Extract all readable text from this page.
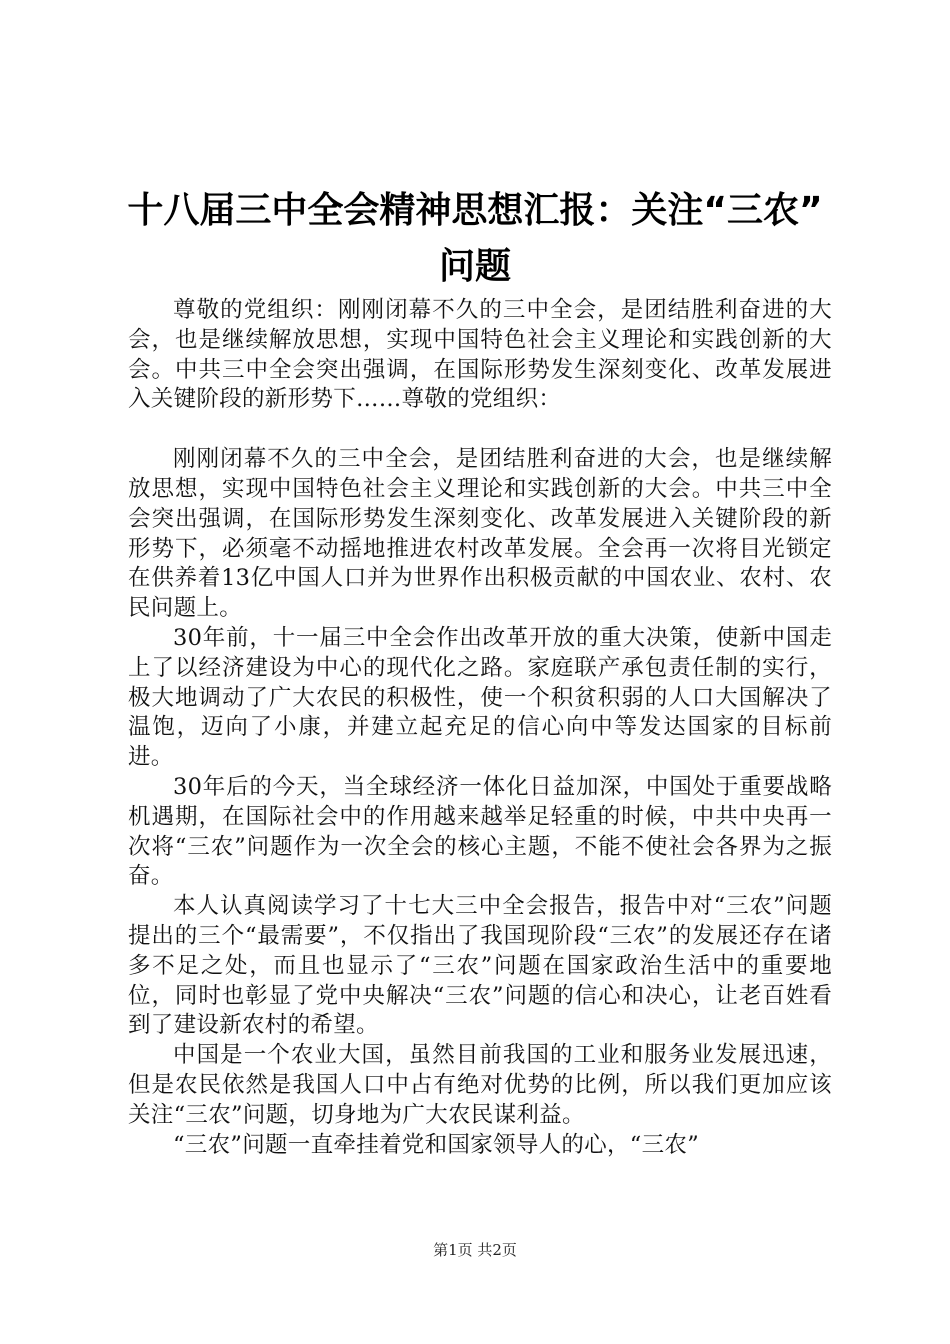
十八届三中全会精神思想汇报：关注“三农”
问题

尊敬的党组织：刚刚闭幕不久的三中全会，是团结胜利奋进的大会，也是继续解放思想，实现中国特色社会主义理论和实践创新的大会。中共三中全会突出强调，在国际形势发生深刻变化、改革发展进入关键阶段的新形势下……尊敬的党组织：

刚刚闭幕不久的三中全会，是团结胜利奋进的大会，也是继续解放思想，实现中国特色社会主义理论和实践创新的大会。中共三中全会突出强调，在国际形势发生深刻变化、改革发展进入关键阶段的新形势下，必须毫不动摇地推进农村改革发展。全会再一次将目光锁定在供养着13亿中国人口并为世界作出积极贡献的中国农业、农村、农民问题上。

30年前，十一届三中全会作出改革开放的重大决策，使新中国走上了以经济建设为中心的现代化之路。家庭联产承包责任制的实行，极大地调动了广大农民的积极性，使一个积贫积弱的人口大国解决了温饱，迈向了小康，并建立起充足的信心向中等发达国家的目标前进。

30年后的今天，当全球经济一体化日益加深，中国处于重要战略机遇期，在国际社会中的作用越来越举足轻重的时候，中共中央再一次将“三农”问题作为一次全会的核心主题，不能不使社会各界为之振奋。

本人认真阅读学习了十七大三中全会报告，报告中对“三农”问题提出的三个“最需要”，不仅指出了我国现阶段“三农”的发展还存在诸多不足之处，而且也显示了“三农”问题在国家政治生活中的重要地位，同时也彰显了党中央解决“三农”问题的信心和决心，让老百姓看到了建设新农村的希望。

中国是一个农业大国，虽然目前我国的工业和服务业发展迅速，但是农民依然是我国人口中占有绝对优势的比例，所以我们更加应该关注“三农”问题，切身地为广大农民谋利益。

“三农”问题一直牵挂着党和国家领导人的心，“三农”

第1页 共2页
